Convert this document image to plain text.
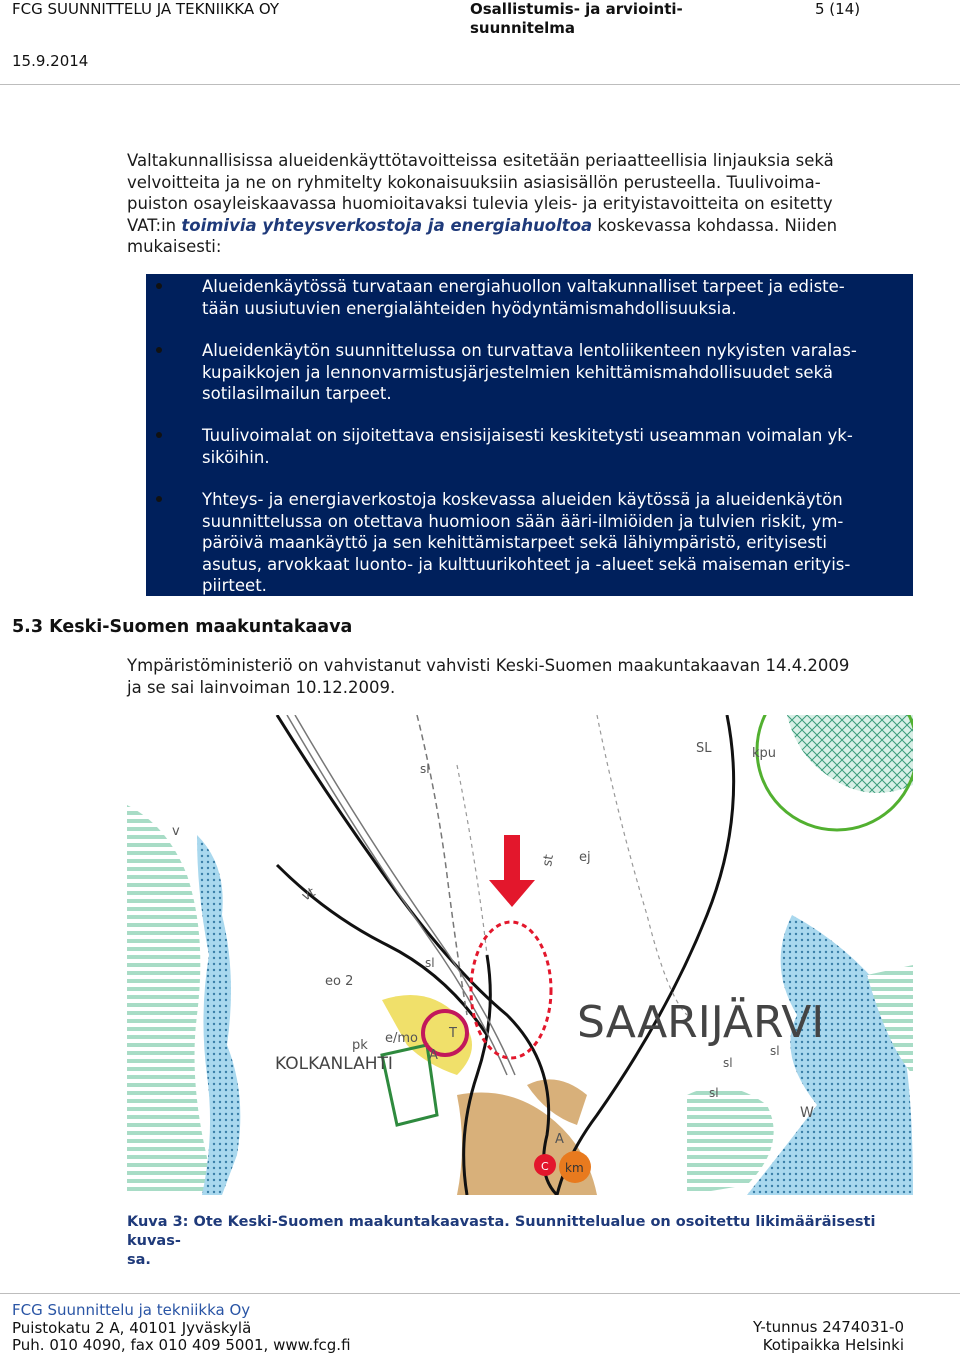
FCG SUUNNITTELU JA TEKNIIKKA OY
15.9.2014
Osallistumis- ja arviointi-
suunnitelma
5 (14)
Valtakunnallisissa alueidenkäyttötavoitteissa esitetään periaatteellisia linjauksia sekä
velvoitteita ja ne on ryhmitelty kokonaisuuksiin asiasisällön perusteella. Tuulivoima-
puiston osayleiskaavassa huomioitavaksi tulevia yleis- ja erityistavoitteita on esitetty
VAT:in toimivia yhteysverkostoja ja energiahuoltoa koskevassa kohdassa. Niiden
mukaisesti:
Alueidenkäytössä turvataan energiahuollon valtakunnalliset tarpeet ja ediste-
tään uusiutuvien energialähteiden hyödyntämismahdollisuuksia.
Alueidenkäytön suunnittelussa on turvattava lentoliikenteen nykyisten varalas-
kupaikkojen ja lennonvarmistusjärjestelmien kehittämismahdollisuudet sekä
sotilasilmailun tarpeet.
Tuulivoimalat on sijoitettava ensisijaisesti keskitetysti useamman voimalan yk-
siköihin.
Yhteys- ja energiaverkostoja koskevassa alueiden käytössä ja alueidenkäytön
suunnittelussa on otettava huomioon sään ääri-ilmiöiden ja tulvien riskit, ym-
päröivä maankäyttö ja sen kehittämistarpeet sekä lähiympäristö, erityisesti
asutus, arvokkaat luonto- ja kulttuurikohteet ja -alueet sekä maiseman erityis-
piirteet.
5.3 Keski-Suomen maakuntakaava
Ympäristöministeriö on vahvistanut vahvisti Keski-Suomen maakuntakaavan 14.4.2009
ja se sai lainvoiman 10.12.2009.
SAARIJÄRVI
KOLKANLAHTI
st ej
vt
v
pk
eo 2
e/mo T
A
A
W
km
C
sl
sl
sl
sl
sl
SL	kpu
Kuva 3: Ote Keski-Suomen maakuntakaavasta. Suunnittelualue on osoitettu likimääräisesti kuvas-
sa.
FCG Suunnittelu ja tekniikka Oy
Puistokatu 2 A, 40101 Jyväskylä
Puh. 010 4090, fax 010 409 5001, www.fcg.fi
Y-tunnus 2474031-0
Kotipaikka Helsinki
